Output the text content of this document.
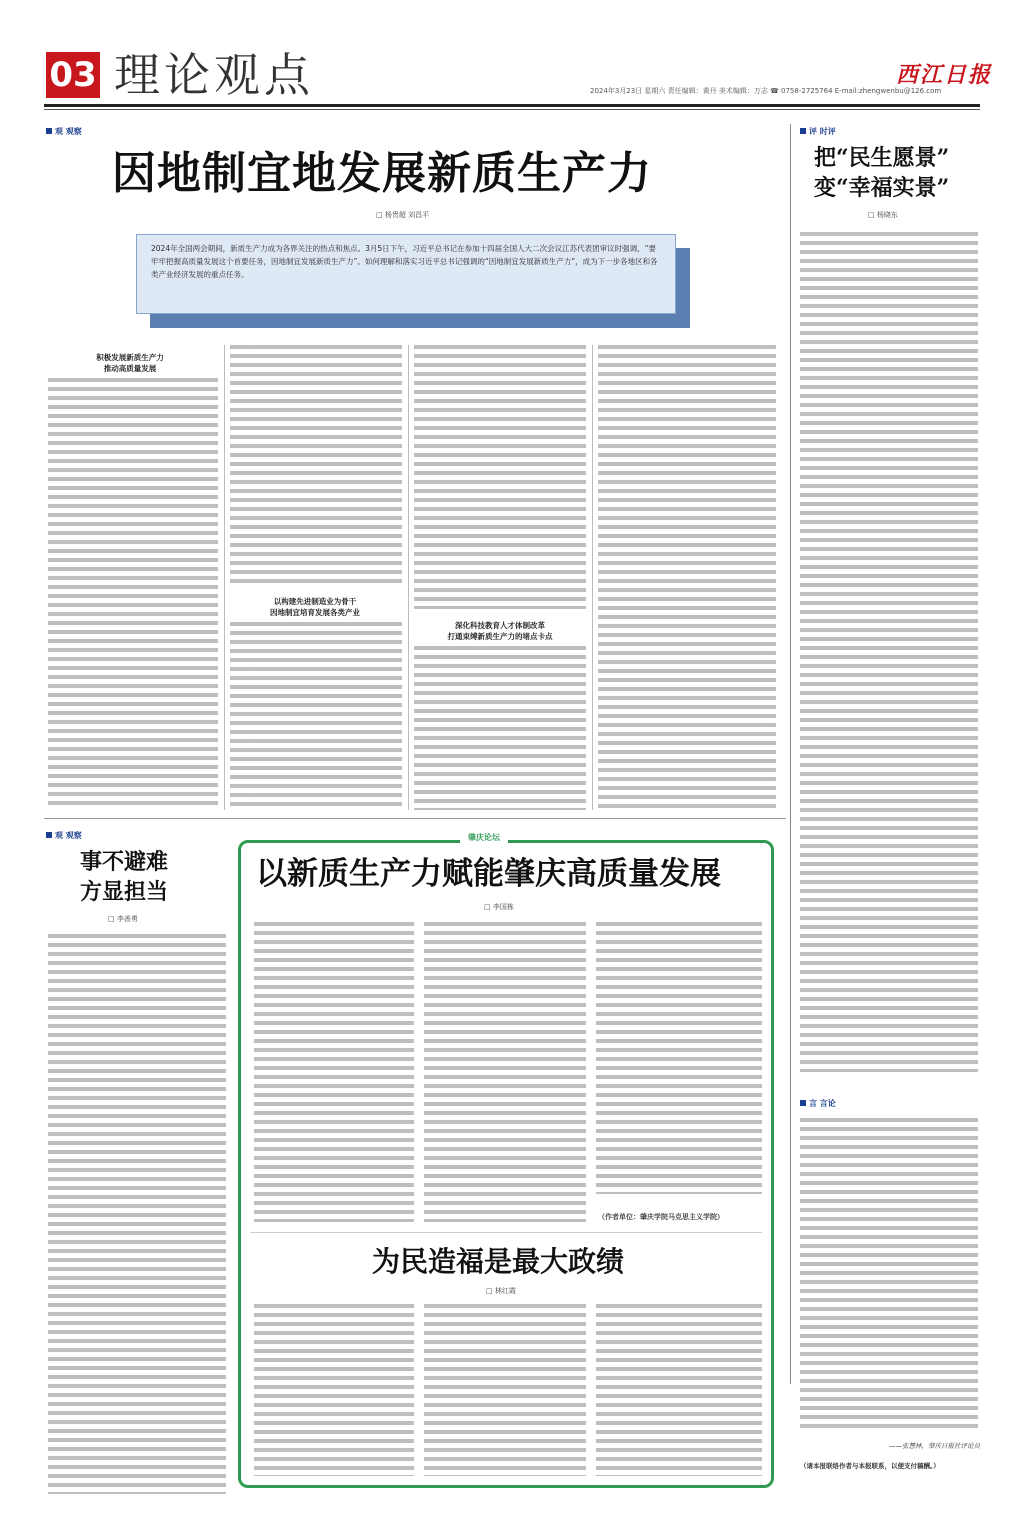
03 理论观点	西江日报
2024年3月23日 星期六 责任编辑：黄丹 美术编辑：万志 ☎ 0758-2725764 E-mail:zhengwenbu@126.com
观 观察
因地制宜地发展新质生产力
□ 杨贵超 刘昌平
2024年全国两会期间，新质生产力成为各界关注的热点和焦点。3月5日下午，习近平总书记在参加十四届全国人大二次会议江苏代表团审议时强调，“要牢牢把握高质量发展这个首要任务，因地制宜发展新质生产力”。如何理解和落实习近平总书记强调的“因地制宜发展新质生产力”，成为下一步各地区和各类产业经济发展的重点任务。
积极发展新质生产力
推动高质量发展
以构建先进制造业为骨干
因地制宜培育发展各类产业
深化科技教育人才体制改革
打通束缚新质生产力的堵点卡点
评 时评
把“民生愿景”
变“幸福实景”
□ 杨晓东
言 言论
——张慧林，肇庆日报社评论员
（请本报联络作者与本报联系，以便支付稿酬。）
观 观察
事不避难
方显担当
□ 李善勇
肇庆论坛
以新质生产力赋能肇庆高质量发展
□ 李国栋
（作者单位：肇庆学院马克思主义学院）
为民造福是最大政绩
□ 林红霞
